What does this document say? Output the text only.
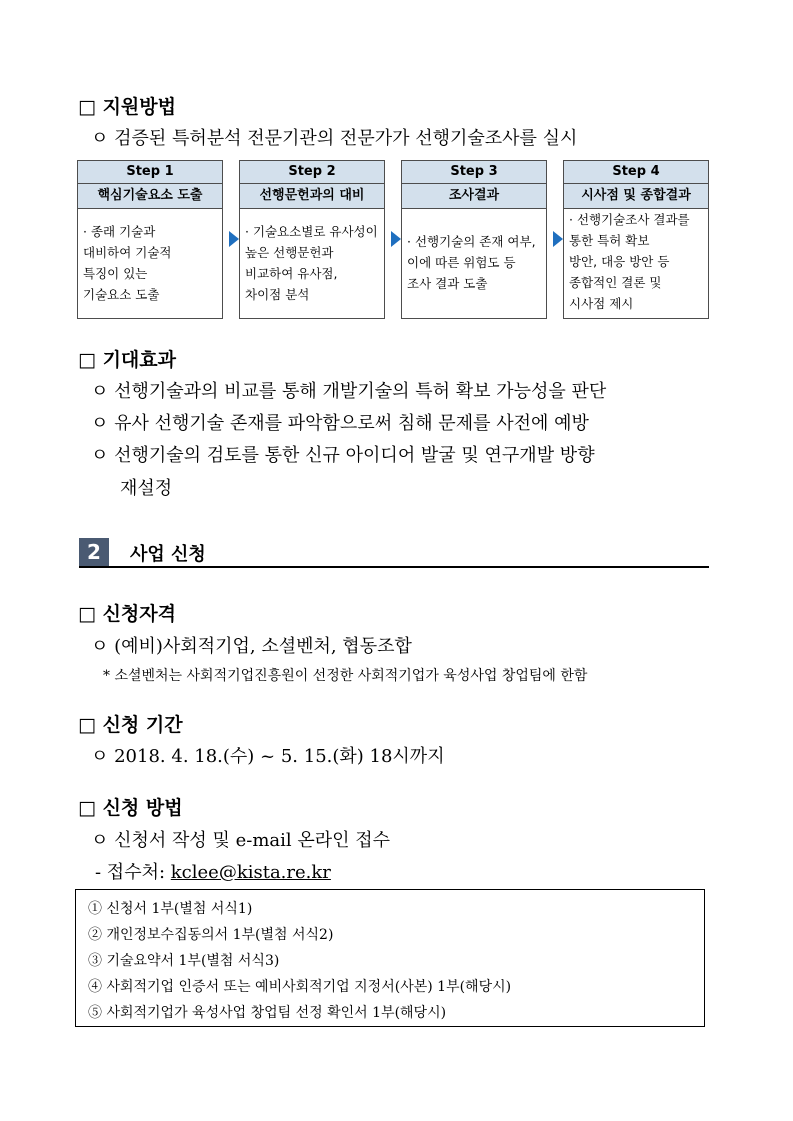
□ 지원방법
ㅇ 검증된 특허분석 전문기관의 전문가가 선행기술조사를 실시
Step 1
핵심기술요소 도출
· 종래 기술과
대비하여 기술적
특징이 있는
기술요소 도출
Step 2
선행문헌과의 대비
· 기술요소별로 유사성이
높은 선행문헌과
비교하여 유사점,
차이점 분석
Step 3
조사결과
· 선행기술의 존재 여부,
이에 따른 위험도 등
조사 결과 도출
Step 4
시사점 및 종합결과
· 선행기술조사 결과를
통한 특허 확보
방안, 대응 방안 등
종합적인 결론 및
시사점 제시
□ 기대효과
ㅇ 선행기술과의 비교를 통해 개발기술의 특허 확보 가능성을 판단
ㅇ 유사 선행기술 존재를 파악함으로써 침해 문제를 사전에 예방
ㅇ 선행기술의 검토를 통한 신규 아이디어 발굴 및 연구개발 방향
재설정
2	사업 신청
□ 신청자격
ㅇ (예비)사회적기업, 소셜벤처, 협동조합
* 소셜벤처는 사회적기업진흥원이 선정한 사회적기업가 육성사업 창업팀에 한함
□ 신청 기간
ㅇ 2018. 4. 18.(수) ~ 5. 15.(화) 18시까지
□ 신청 방법
ㅇ 신청서 작성 및 e-mail 온라인 접수
- 접수처: kclee@kista.re.kr
① 신청서 1부(별첨 서식1)
② 개인정보수집동의서 1부(별첨 서식2)
③ 기술요약서 1부(별첨 서식3)
④ 사회적기업 인증서 또는 예비사회적기업 지정서(사본) 1부(해당시)
⑤ 사회적기업가 육성사업 창업팀 선정 확인서 1부(해당시)
